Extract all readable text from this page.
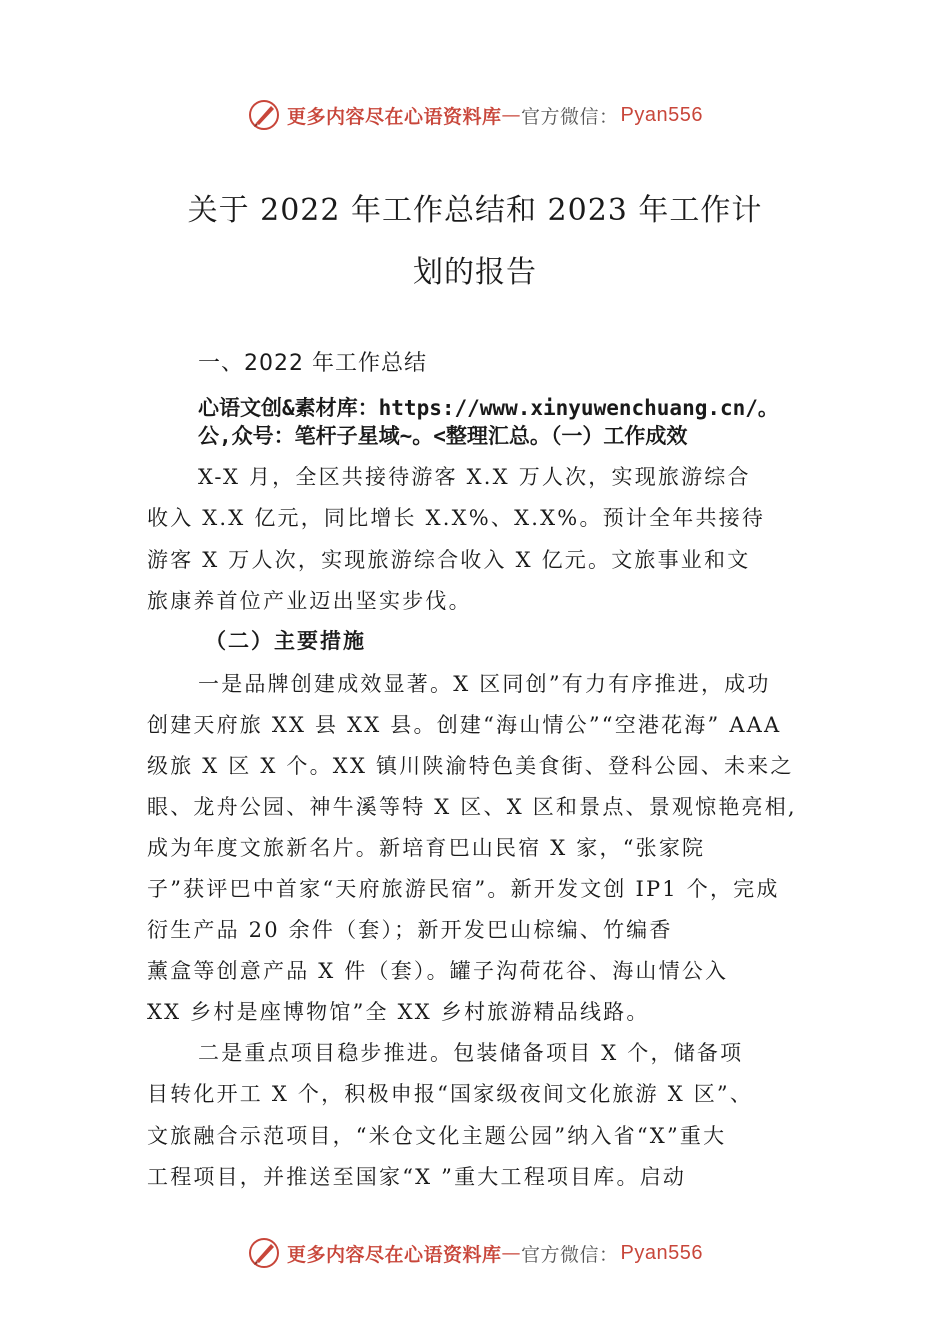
更多内容尽在心语资料库 — 官方微信 ： Pyan556
关于 2022 年工作总结和 2023 年工作计
划的报告
一、2022 年工作总结
心语文创&素材库：https://www.xinyuwenchuang.cn/。
公,众号：笔杆子星域~。<整理汇总。（一）工作成效
X-X 月，全区共接待游客 X.X 万人次，实现旅游综合
收入 X.X 亿元，同比增长 X.X%、X.X%。预计全年共接待
游客 X 万人次，实现旅游综合收入 X 亿元。文旅事业和文
旅康养首位产业迈出坚实步伐。
（二）主要措施
一是品牌创建成效显著。X 区同创”有力有序推进，成功
创建天府旅 XX 县 XX 县。创建“海山情公”“空港花海” AAA
级旅 X 区 X 个。XX 镇川陕渝特色美食街、登科公园、未来之
眼、龙舟公园、神牛溪等特 X 区、X 区和景点、景观惊艳亮相,
成为年度文旅新名片。新培育巴山民宿 X 家，“张家院
子”获评巴中首家“天府旅游民宿”。新开发文创 IP1 个，完成
衍生产品 20 余件（套）；新开发巴山棕编、竹编香
薰盒等创意产品 X 件（套）。罐子沟荷花谷、海山情公入
XX 乡村是座博物馆”全 XX 乡村旅游精品线路。
二是重点项目稳步推进。包装储备项目 X 个，储备项
目转化开工 X 个，积极申报“国家级夜间文化旅游 X 区”、
文旅融合示范项目，“米仓文化主题公园”纳入省“X”重大
工程项目，并推送至国家“X ”重大工程项目库。启动
更多内容尽在心语资料库 — 官方微信 ： Pyan556
